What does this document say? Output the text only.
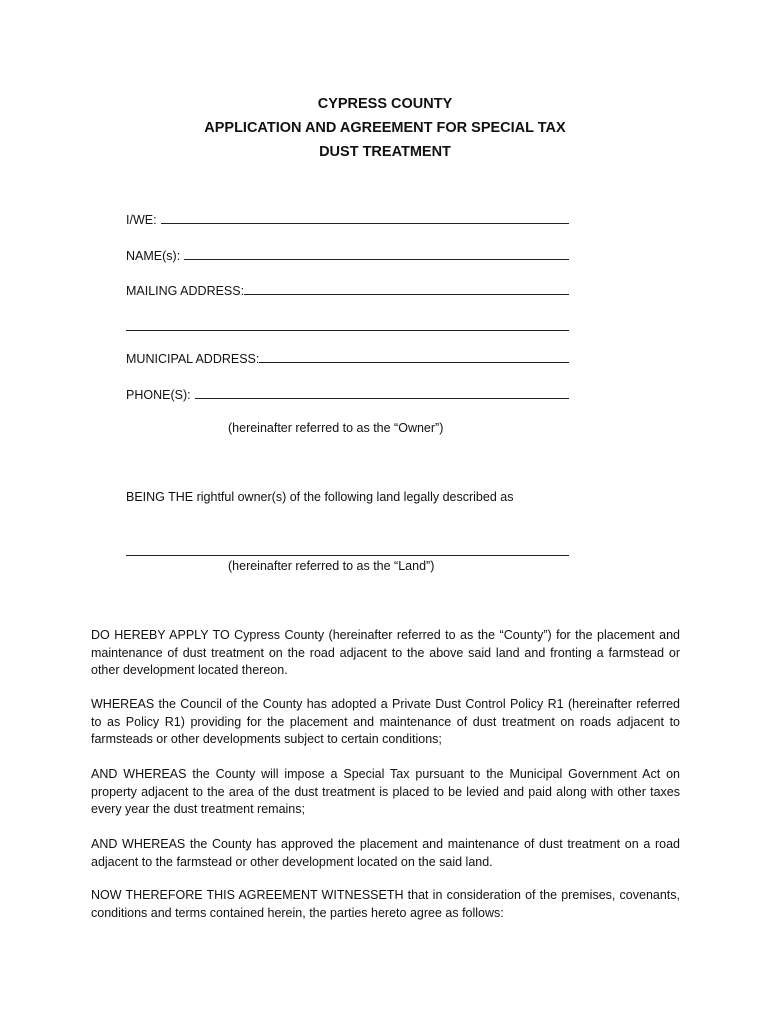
CYPRESS COUNTY
APPLICATION AND AGREEMENT FOR SPECIAL TAX
DUST TREATMENT
I/WE:
NAME(s):
MAILING ADDRESS:
MUNICIPAL ADDRESS:
PHONE(S):
(hereinafter referred to as the “Owner”)
BEING THE rightful owner(s) of the following land legally described as
(hereinafter referred to as the “Land”)
DO HEREBY APPLY TO Cypress County (hereinafter referred to as the “County”) for the placement and maintenance of dust treatment on the road adjacent to the above said land and fronting a farmstead or other development located thereon.
WHEREAS the Council of the County has adopted a Private Dust Control Policy R1 (hereinafter referred to as Policy R1) providing for the placement and maintenance of dust treatment on roads adjacent to farmsteads or other developments subject to certain conditions;
AND WHEREAS the County will impose a Special Tax pursuant to the Municipal Government Act on property adjacent to the area of the dust treatment is placed to be levied and paid along with other taxes every year the dust treatment remains;
AND WHEREAS the County has approved the placement and maintenance of dust treatment on a road adjacent to the farmstead or other development located on the said land.
NOW THEREFORE THIS AGREEMENT WITNESSETH that in consideration of the premises, covenants, conditions and terms contained herein, the parties hereto agree as follows:
